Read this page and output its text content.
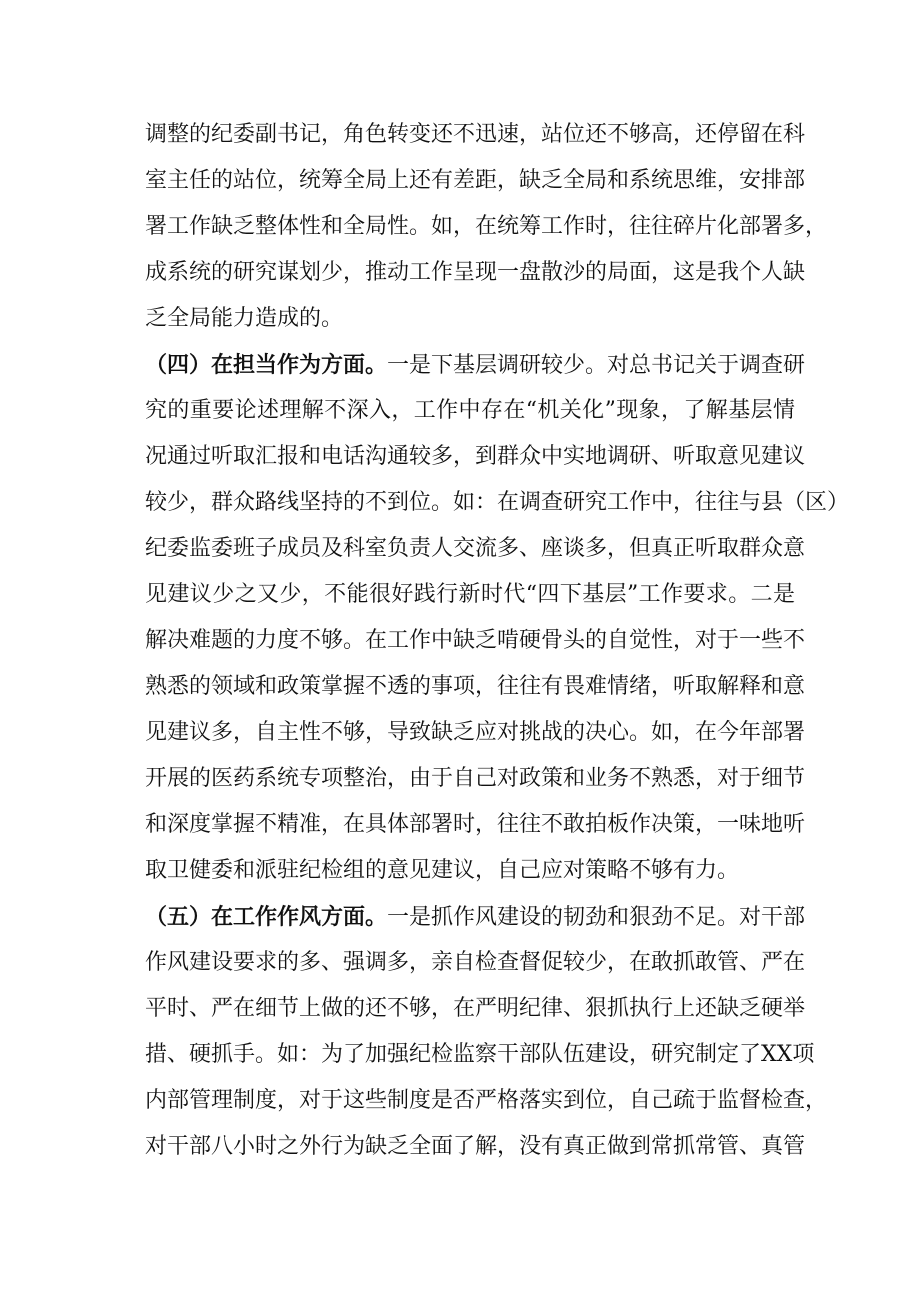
调整的纪委副书记，角色转变还不迅速，站位还不够高，还停留在科
室主任的站位，统筹全局上还有差距，缺乏全局和系统思维，安排部
署工作缺乏整体性和全局性。如，在统筹工作时，往往碎片化部署多，
成系统的研究谋划少，推动工作呈现一盘散沙的局面，这是我个人缺
乏全局能力造成的。
（四）在担当作为方面。一是下基层调研较少。对总书记关于调查研
究的重要论述理解不深入，工作中存在“机关化”现象，了解基层情
况通过听取汇报和电话沟通较多，到群众中实地调研、听取意见建议
较少，群众路线坚持的不到位。如：在调查研究工作中，往往与县（区）
纪委监委班子成员及科室负责人交流多、座谈多，但真正听取群众意
见建议少之又少，不能很好践行新时代“四下基层”工作要求。二是
解决难题的力度不够。在工作中缺乏啃硬骨头的自觉性，对于一些不
熟悉的领域和政策掌握不透的事项，往往有畏难情绪，听取解释和意
见建议多，自主性不够，导致缺乏应对挑战的决心。如，在今年部署
开展的医药系统专项整治，由于自己对政策和业务不熟悉，对于细节
和深度掌握不精准，在具体部署时，往往不敢拍板作决策，一味地听
取卫健委和派驻纪检组的意见建议，自己应对策略不够有力。
（五）在工作作风方面。一是抓作风建设的韧劲和狠劲不足。对干部
作风建设要求的多、强调多，亲自检查督促较少，在敢抓敢管、严在
平时、严在细节上做的还不够，在严明纪律、狠抓执行上还缺乏硬举
措、硬抓手。如：为了加强纪检监察干部队伍建设，研究制定了XX项
内部管理制度，对于这些制度是否严格落实到位，自己疏于监督检查，
对干部八小时之外行为缺乏全面了解，没有真正做到常抓常管、真管
